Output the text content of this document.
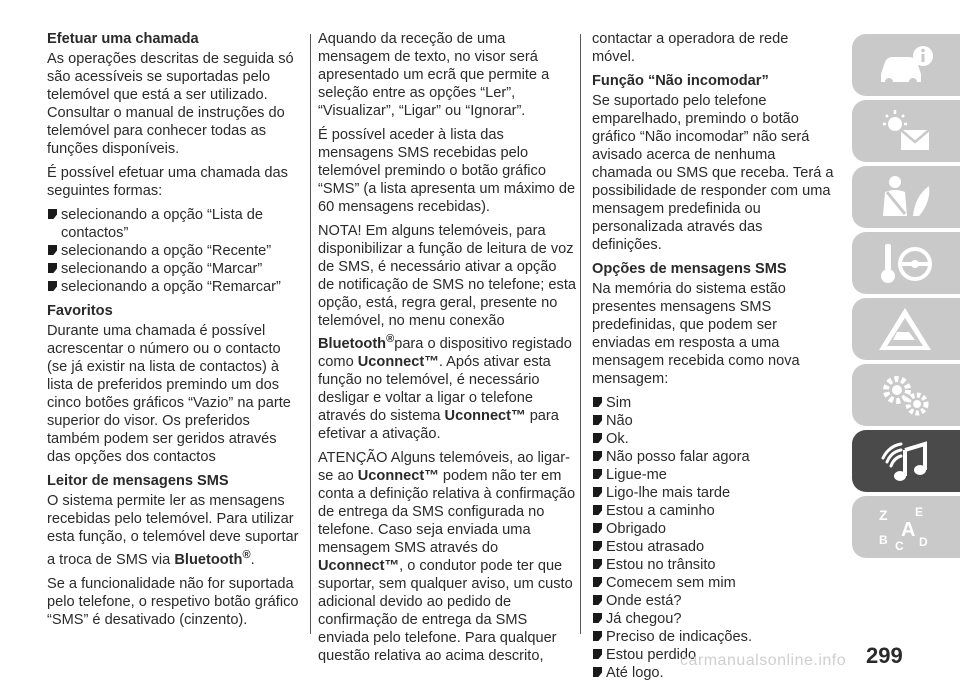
Efetuar uma chamada

As operações descritas de seguida só são acessíveis se suportadas pelo telemóvel que está a ser utilizado. Consultar o manual de instruções do telemóvel para conhecer todas as funções disponíveis.

É possível efetuar uma chamada das seguintes formas:

selecionando a opção “Lista de contactos”
selecionando a opção “Recente”
selecionando a opção “Marcar”
selecionando a opção “Remarcar”
Favoritos

Durante uma chamada é possível acrescentar o número ou o contacto (se já existir na lista de contactos) à lista de preferidos premindo um dos cinco botões gráficos “Vazio” na parte superior do visor. Os preferidos também podem ser geridos através das opções dos contactos

Leitor de mensagens SMS

O sistema permite ler as mensagens recebidas pelo telemóvel. Para utilizar esta função, o telemóvel deve suportar a troca de SMS via Bluetooth®.

Se a funcionalidade não for suportada pelo telefone, o respetivo botão gráfico “SMS” é desativado (cinzento).

Aquando da receção de uma mensagem de texto, no visor será apresentado um ecrã que permite a seleção entre as opções “Ler”, “Visualizar”, “Ligar” ou “Ignorar”.

É possível aceder à lista das mensagens SMS recebidas pelo telemóvel premindo o botão gráfico “SMS” (a lista apresenta um máximo de 60 mensagens recebidas).

NOTA! Em alguns telemóveis, para disponibilizar a função de leitura de voz de SMS, é necessário ativar a opção de notificação de SMS no telefone; esta opção, está, regra geral, presente no telemóvel, no menu conexão Bluetooth®para o dispositivo registado como Uconnect™. Após ativar esta função no telemóvel, é necessário desligar e voltar a ligar o telefone através do sistema Uconnect™ para efetivar a ativação.

ATENÇÃO Alguns telemóveis, ao ligar-se ao Uconnect™ podem não ter em conta a definição relativa à confirmação de entrega da SMS configurada no telefone. Caso seja enviada uma mensagem SMS através do Uconnect™, o condutor pode ter que suportar, sem qualquer aviso, um custo adicional devido ao pedido de confirmação de entrega da SMS enviada pelo telefone. Para qualquer questão relativa ao acima descrito,

contactar a operadora de rede móvel.

Função “Não incomodar”

Se suportado pelo telefone emparelhado, premindo o botão gráfico “Não incomodar” não será avisado acerca de nenhuma chamada ou SMS que receba. Terá a possibilidade de responder com uma mensagem predefinida ou personalizada através das definições.

Opções de mensagens SMS

Na memória do sistema estão presentes mensagens SMS predefinidas, que podem ser enviadas em resposta a uma mensagem recebida como nova mensagem:

Sim
Não
Ok.
Não posso falar agora
Ligue-me
Ligo-lhe mais tarde
Estou a caminho
Obrigado
Estou atrasado
Estou no trânsito
Comecem sem mim
Onde está?
Já chegou?
Preciso de indicações.
Estou perdido
Até logo.
Z E
A
B C D
299
carmanualsonline.info
